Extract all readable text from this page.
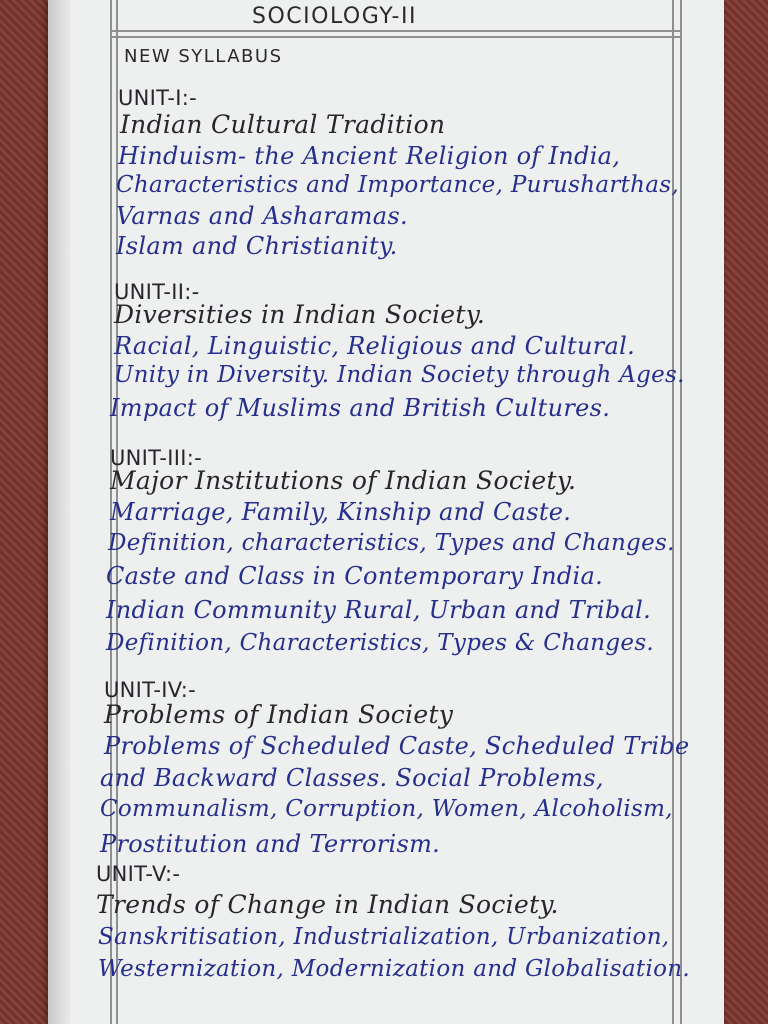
SOCIOLOGY-II
NEW SYLLABUS
UNIT-I:-
Indian Cultural Tradition
Hinduism- the Ancient Religion of India,
Characteristics and Importance, Purusharthas,
Varnas and Asharamas.
Islam and Christianity.
UNIT-II:-
Diversities in Indian Society.
Racial, Linguistic, Religious and Cultural.
Unity in Diversity. Indian Society through Ages.
Impact of Muslims and British Cultures.
UNIT-III:-
Major Institutions of Indian Society.
Marriage, Family, Kinship and Caste.
Definition, characteristics, Types and Changes.
Caste and Class in Contemporary India.
Indian Community Rural, Urban and Tribal.
Definition, Characteristics, Types & Changes.
UNIT-IV:-
Problems of Indian Society
Problems of Scheduled Caste, Scheduled Tribe
and Backward Classes. Social Problems,
Communalism, Corruption, Women, Alcoholism,
Prostitution and Terrorism.
UNIT-V:-
Trends of Change in Indian Society.
Sanskritisation, Industrialization, Urbanization,
Westernization, Modernization and Globalisation.
